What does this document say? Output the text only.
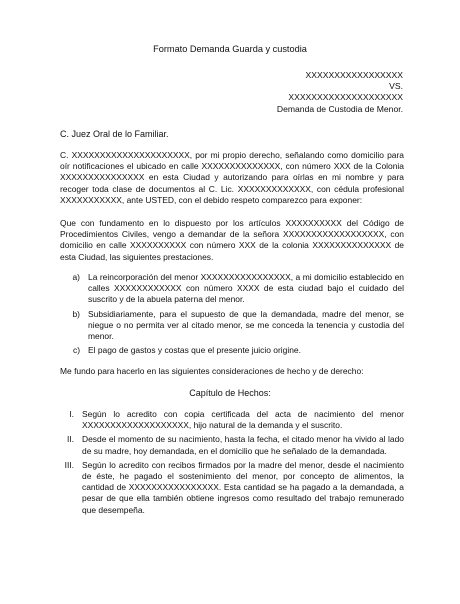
Formato Demanda Guarda y custodia
XXXXXXXXXXXXXXXXX
VS.
XXXXXXXXXXXXXXXXXXXX
Demanda de Custodia de Menor.
C. Juez Oral de lo Familiar.
C. XXXXXXXXXXXXXXXXXXXXX, por mi propio derecho, señalando como domicilio para oír notificaciones el ubicado en calle XXXXXXXXXXXXXX, con número XXX de la Colonia XXXXXXXXXXXXXXX en esta Ciudad y autorizando para oírlas en mi nombre y para recoger toda clase de documentos al C. Lic. XXXXXXXXXXXXX, con cédula profesional XXXXXXXXXXX, ante USTED, con el debido respeto comparezco para exponer:
Que con fundamento en lo dispuesto por los artículos XXXXXXXXXX del Código de Procedimientos Civiles, vengo a demandar de la señora XXXXXXXXXXXXXXXXXX, con domicilio en calle XXXXXXXXXX con número XXX de la colonia XXXXXXXXXXXXXX de esta Ciudad, las siguientes prestaciones.
a) La reincorporación del menor XXXXXXXXXXXXXXXX, a mi domicilio establecido en calles XXXXXXXXXXXX con número XXXX de esta ciudad bajo el cuidado del suscrito y de la abuela paterna del menor.
b) Subsidiariamente, para el supuesto de que la demandada, madre del menor, se niegue o no permita ver al citado menor, se me conceda la tenencia y custodia del menor.
c) El pago de gastos y costas que el presente juicio origine.
Me fundo para hacerlo en las siguientes consideraciones de hecho y de derecho:
Capítulo de Hechos:
I. Según lo acredito con copia certificada del acta de nacimiento del menor XXXXXXXXXXXXXXXXXXX, hijo natural de la demanda y el suscrito.
II. Desde el momento de su nacimiento, hasta la fecha, el citado menor ha vivido al lado de su madre, hoy demandada, en el domicilio que he señalado de la demandada.
III. Según lo acredito con recibos firmados por la madre del menor, desde el nacimiento de éste, he pagado el sostenimiento del menor, por concepto de alimentos, la cantidad de XXXXXXXXXXXXXXXX. Esta cantidad se ha pagado a la demandada, a pesar de que ella también obtiene ingresos como resultado del trabajo remunerado que desempeña.
